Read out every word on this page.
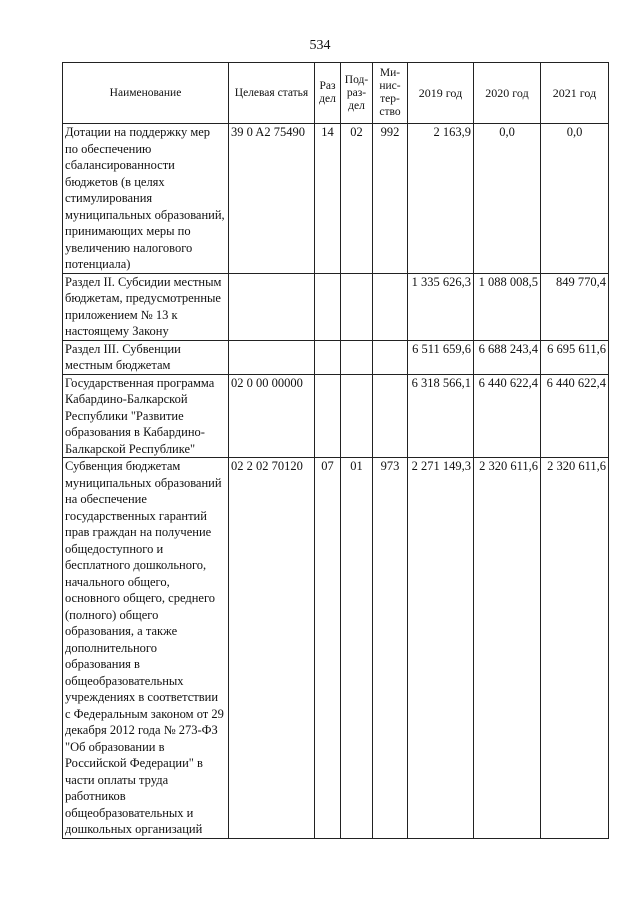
534
Наименование	Целевая статья	Раз дел	Под-раз-дел	Ми-нис-тер-ство	2019 год	2020 год	2021 год
Дотации на поддержку мер по обеспечению сбалансированности бюджетов (в целях стимулирования муниципальных образований, принимающих меры по увеличению налогового потенциала)	39 0 A2 75490	14	02	992	2 163,9	0,0	0,0
Раздел II. Субсидии местным бюджетам, предусмотренные приложением № 13 к настоящему Закону					1 335 626,3	1 088 008,5	849 770,4
Раздел III. Субвенции местным бюджетам					6 511 659,6	6 688 243,4	6 695 611,6
Государственная программа Кабардино-Балкарской Республики "Развитие образования в Кабардино-Балкарской Республике"	02 0 00 00000				6 318 566,1	6 440 622,4	6 440 622,4
Субвенция бюджетам муниципальных образований на обеспечение государственных гарантий прав граждан на получение общедоступного и бесплатного дошкольного, начального общего, основного общего, среднего (полного) общего образования, а также дополнительного образования в общеобразовательных учреждениях в соответствии с Федеральным законом от 29 декабря 2012 года № 273-ФЗ "Об образовании в Российской Федерации" в части оплаты труда работников общеобразовательных и дошкольных организаций	02 2 02 70120	07	01	973	2 271 149,3	2 320 611,6	2 320 611,6
